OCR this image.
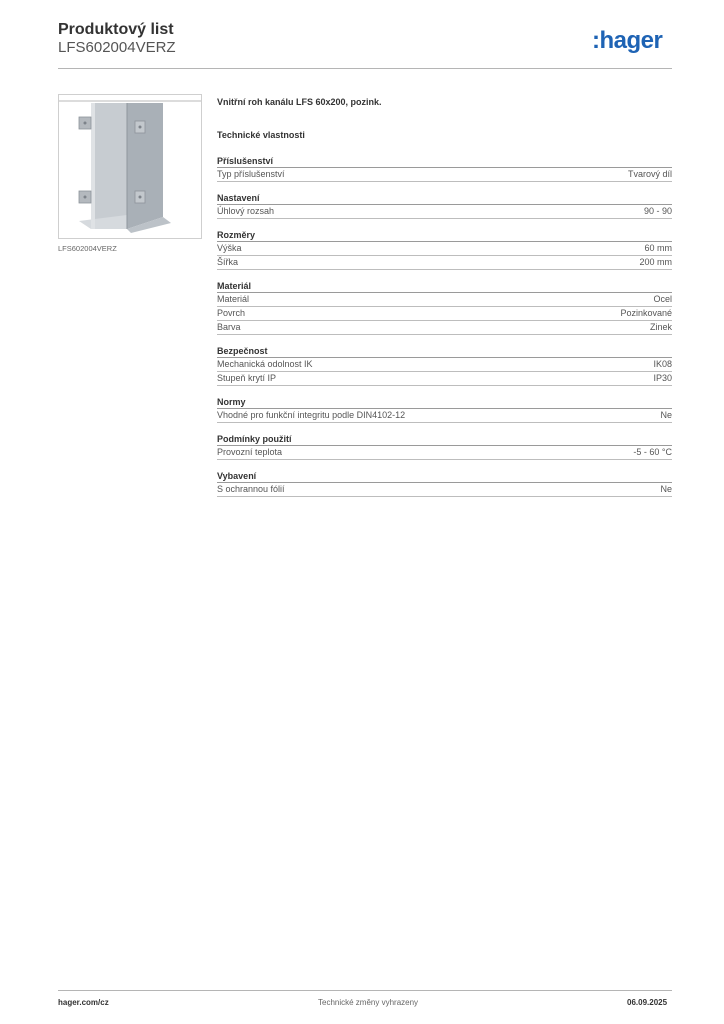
Produktový list
LFS602004VERZ	:hager
LFS602004VERZ
Vnitřní roh kanálu LFS 60x200, pozink.
Technické vlastnosti
Příslušenství
Typ příslušenství	Tvarový díl
Nastavení
Úhlový rozsah	90 - 90
Rozměry
Výška	60 mm
Šířka	200 mm
Materiál
Materiál	Ocel
Povrch	Pozinkované
Barva	Zinek
Bezpečnost
Mechanická odolnost IK	IK08
Stupeň krytí IP	IP30
Normy
Vhodné pro funkční integritu podle DIN4102-12	Ne
Podmínky použití
Provozní teplota	-5 - 60 °C
Vybavení
S ochrannou fólií	Ne
hager.com/cz	Technické změny vyhrazeny	06.09.2025
